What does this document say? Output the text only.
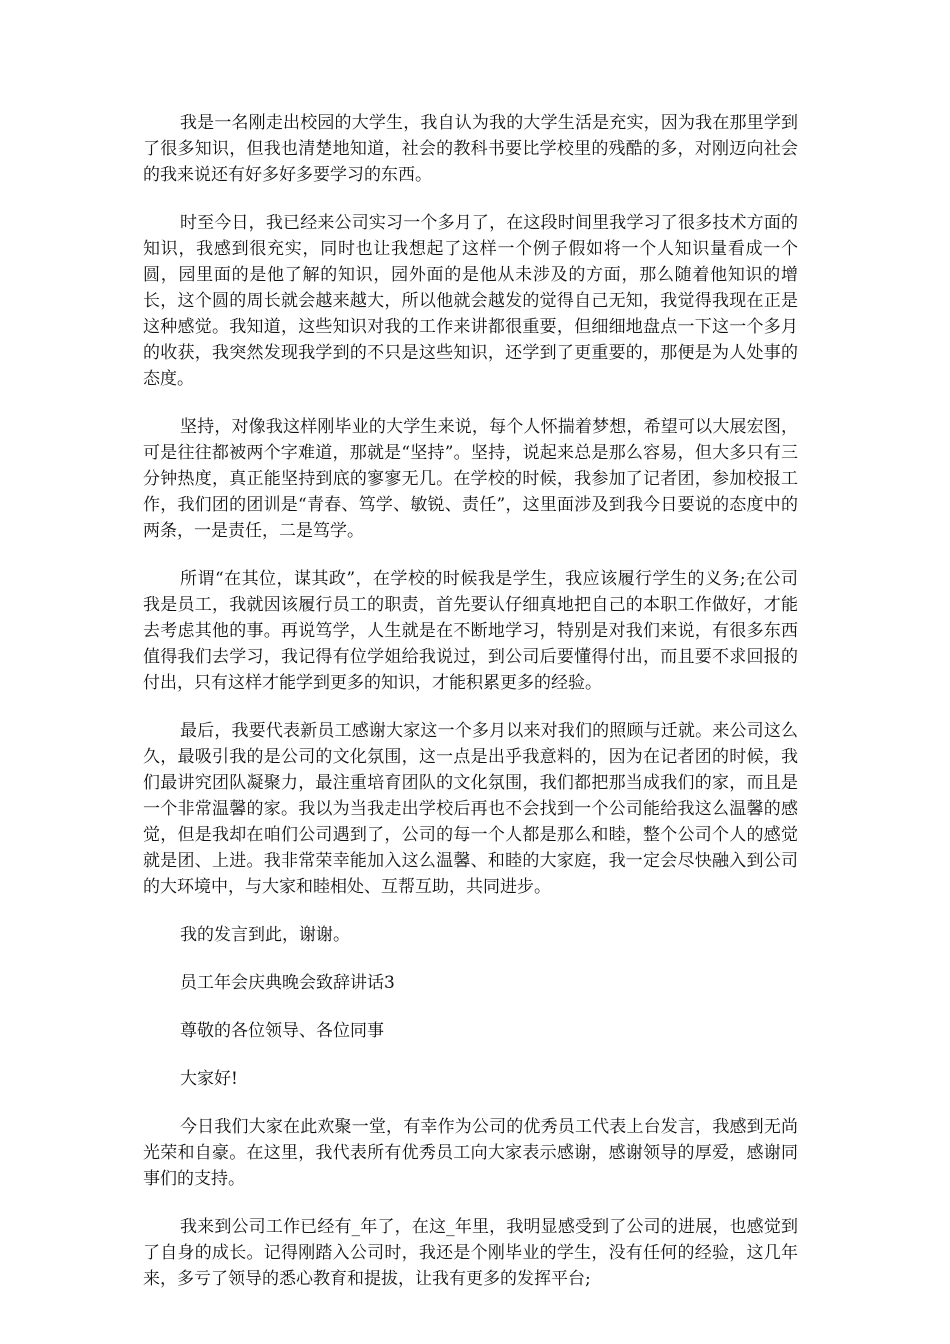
我是一名刚走出校园的大学生，我自认为我的大学生活是充实，因为我在那里学到了很多知识，但我也清楚地知道，社会的教科书要比学校里的残酷的多，对刚迈向社会的我来说还有好多好多要学习的东西。

时至今日，我已经来公司实习一个多月了，在这段时间里我学习了很多技术方面的知识，我感到很充实，同时也让我想起了这样一个例子假如将一个人知识量看成一个圆，园里面的是他了解的知识，园外面的是他从未涉及的方面，那么随着他知识的增长，这个圆的周长就会越来越大，所以他就会越发的觉得自己无知，我觉得我现在正是这种感觉。我知道，这些知识对我的工作来讲都很重要，但细细地盘点一下这一个多月的收获，我突然发现我学到的不只是这些知识，还学到了更重要的，那便是为人处事的态度。

坚持，对像我这样刚毕业的大学生来说，每个人怀揣着梦想，希望可以大展宏图，可是往往都被两个字难道，那就是“坚持”。坚持，说起来总是那么容易，但大多只有三分钟热度，真正能坚持到底的寥寥无几。在学校的时候，我参加了记者团，参加校报工作，我们团的团训是“青春、笃学、敏锐、责任”，这里面涉及到我今日要说的态度中的两条，一是责任，二是笃学。

所谓“在其位，谋其政”，在学校的时候我是学生，我应该履行学生的义务;在公司我是员工，我就因该履行员工的职责，首先要认仔细真地把自己的本职工作做好，才能去考虑其他的事。再说笃学，人生就是在不断地学习，特别是对我们来说，有很多东西值得我们去学习，我记得有位学姐给我说过，到公司后要懂得付出，而且要不求回报的付出，只有这样才能学到更多的知识，才能积累更多的经验。

最后，我要代表新员工感谢大家这一个多月以来对我们的照顾与迁就。来公司这么久，最吸引我的是公司的文化氛围，这一点是出乎我意料的，因为在记者团的时候，我们最讲究团队凝聚力，最注重培育团队的文化氛围，我们都把那当成我们的家，而且是一个非常温馨的家。我以为当我走出学校后再也不会找到一个公司能给我这么温馨的感觉，但是我却在咱们公司遇到了，公司的每一个人都是那么和睦，整个公司个人的感觉就是团、上进。我非常荣幸能加入这么温馨、和睦的大家庭，我一定会尽快融入到公司的大环境中，与大家和睦相处、互帮互助，共同进步。

我的发言到此，谢谢。

员工年会庆典晚会致辞讲话3

尊敬的各位领导、各位同事

大家好!

今日我们大家在此欢聚一堂，有幸作为公司的优秀员工代表上台发言，我感到无尚光荣和自豪。在这里，我代表所有优秀员工向大家表示感谢，感谢领导的厚爱，感谢同事们的支持。

我来到公司工作已经有_年了，在这_年里，我明显感受到了公司的进展，也感觉到了自身的成长。记得刚踏入公司时，我还是个刚毕业的学生，没有任何的经验，这几年来，多亏了领导的悉心教育和提拔，让我有更多的发挥平台;
